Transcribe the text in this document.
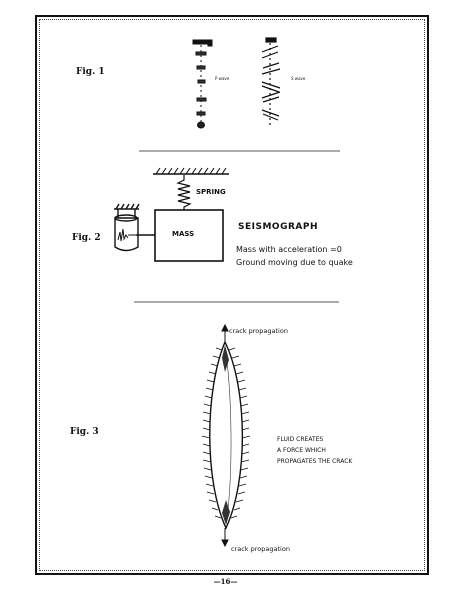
Fig. 1
P wave	S wave
Fig. 2
SPRING
MASS
SEISMOGRAPH
Mass with acceleration =0
Ground moving due to quake
Fig. 3
crack propagation
crack propagation
FLUID CREATES
A FORCE WHICH
PROPAGATES THE CRACK
—16—
